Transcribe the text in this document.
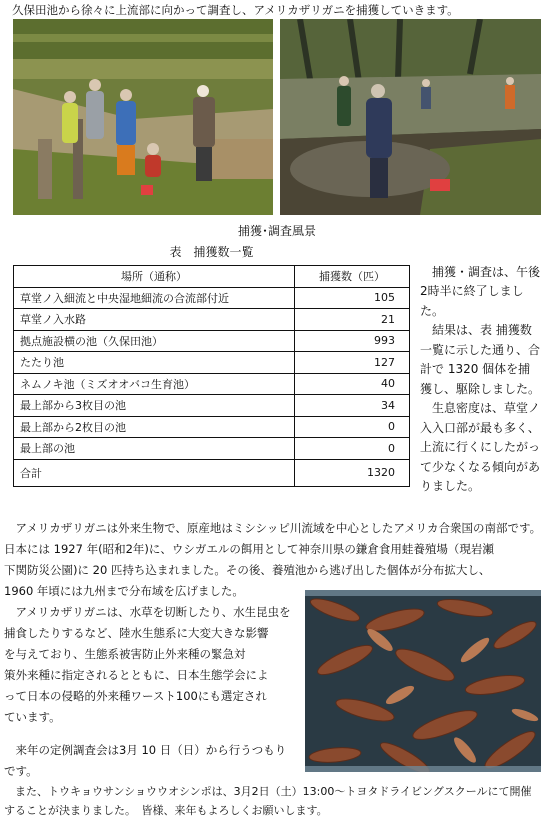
久保田池から徐々に上流部に向かって調査し、アメリカザリガニを捕獲していきます。
捕獲･調査風景
表　捕獲数一覧
場所（通称）	捕獲数（匹）
草堂ノ入細流と中央湿地細流の合流部付近	105
草堂ノ入水路	21
拠点施設横の池（久保田池）	993
たたり池	127
ネムノキ池（ミズオオバコ生育池）	40
最上部から3枚目の池	34
最上部から2枚目の池	0
最上部の池	0
合計	1320
　捕獲・調査は、午後
2時半に終了しまし
た。
　結果は、表 捕獲数
一覧に示した通り、合
計で 1320 個体を捕
獲し、駆除しました。
　生息密度は、草堂ノ
入入口部が最も多く、
上流に行くにしたがっ
て少なくなる傾向があ
りました。
　アメリカザリガニは外来生物で、原産地はミシシッピ川流域を中心としたアメリカ合衆国の南部です。
日本には 1927 年(昭和2年)に、ウシガエルの餌用として神奈川県の鎌倉食用蛙養殖場（現岩瀬
下関防災公園)に 20 匹持ち込まれました。その後、養殖池から逃げ出した個体が分布拡大し、
1960 年頃には九州まで分布域を広げました。
　アメリカザリガニは、水草を切断したり、水生昆虫を
捕食したりするなど、陸水生態系に大変大きな影響
を与えており、生態系被害防止外来種の緊急対
策外来種に指定されるとともに、日本生態学会によ
って日本の侵略的外来種ワースト100にも選定され
ています。
　来年の定例調査会は3月 10 日（日）から行うつもり
です。
　また、トウキョウサンショウウオシンポは、3月2日（土）13:00～トヨタドライビングスクールにて開催
することが決まりました。　皆様、来年もよろしくお願いします。
